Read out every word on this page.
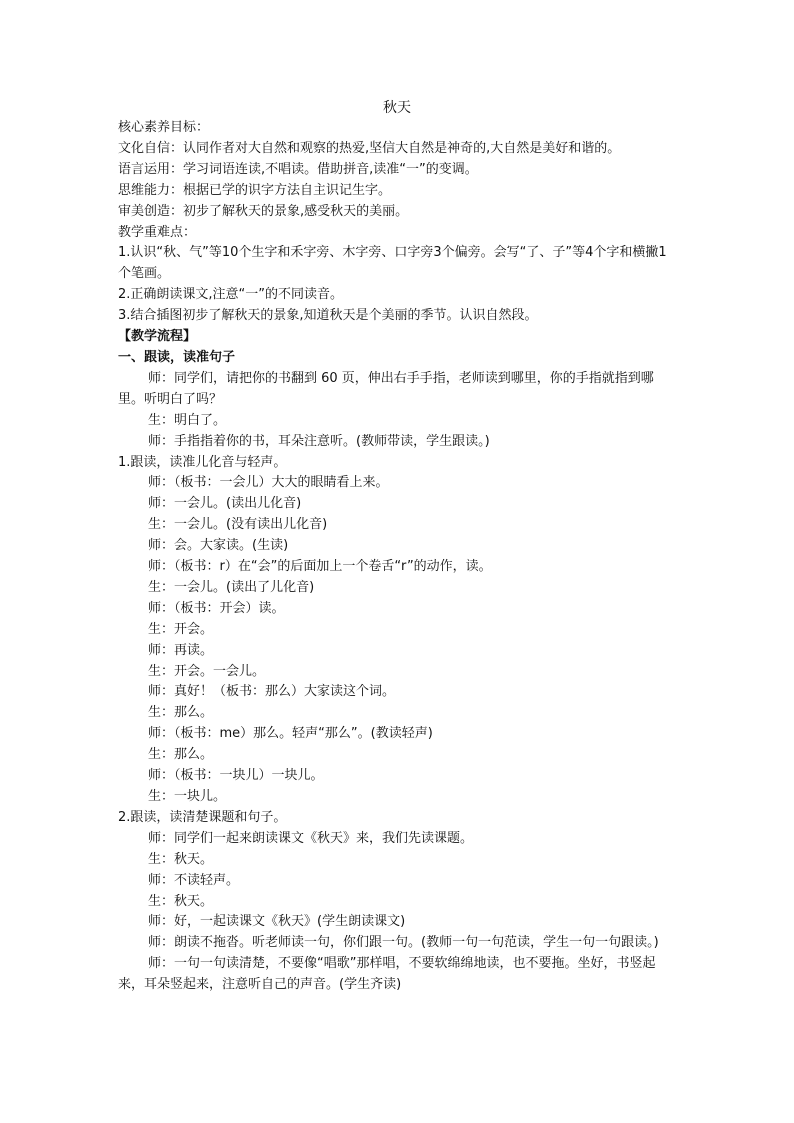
秋天

核心素养目标：

文化自信：认同作者对大自然和观察的热爱,坚信大自然是神奇的,大自然是美好和谐的。

语言运用：学习词语连读,不唱读。借助拼音,读准“一”的变调。

思维能力：根据已学的识字方法自主识记生字。

审美创造：初步了解秋天的景象,感受秋天的美丽。

教学重难点：

1.认识“秋、气”等10个生字和禾字旁、木字旁、口字旁3个偏旁。会写“了、子”等4个字和横撇1个笔画。

2.正确朗读课文,注意“一”的不同读音。

3.结合插图初步了解秋天的景象,知道秋天是个美丽的季节。认识自然段。

【教学流程】

一、跟读，读准句子

师：同学们，请把你的书翻到 60 页，伸出右手手指，老师读到哪里，你的手指就指到哪里。听明白了吗？

生：明白了。

师：手指指着你的书，耳朵注意听。(教师带读，学生跟读。)

1.跟读，读准儿化音与轻声。

师：（板书：一会儿）大大的眼睛看上来。

师：一会儿。(读出儿化音)

生：一会儿。(没有读出儿化音)

师：会。大家读。(生读)

师：（板书：r）在“会”的后面加上一个卷舌“r”的动作，读。

生：一会儿。(读出了儿化音)

师：（板书：开会）读。

生：开会。

师：再读。

生：开会。一会儿。

师：真好！（板书：那么）大家读这个词。

生：那么。

师：（板书：me）那么。轻声“那么”。(教读轻声)

生：那么。

师：（板书：一块儿）一块儿。

生：一块儿。

2.跟读，读清楚课题和句子。

师：同学们一起来朗读课文《秋天》来，我们先读课题。

生：秋天。

师：不读轻声。

生：秋天。

师：好，一起读课文《秋天》(学生朗读课文)

师：朗读不拖沓。听老师读一句，你们跟一句。(教师一句一句范读，学生一句一句跟读。)

师：一句一句读清楚，不要像“唱歌”那样唱，不要软绵绵地读，也不要拖。坐好，书竖起来，耳朵竖起来，注意听自己的声音。(学生齐读)
